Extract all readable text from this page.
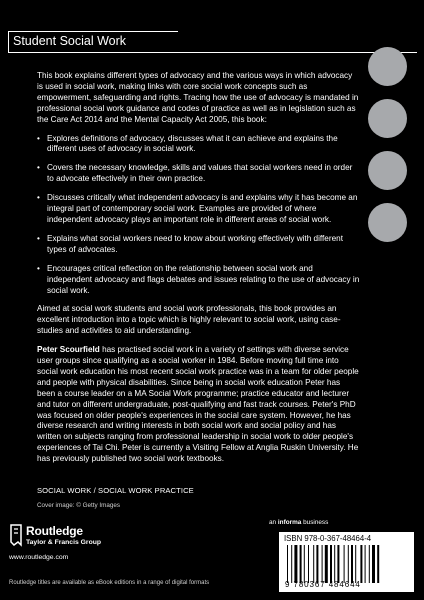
Student Social Work

This book explains different types of advocacy and the various ways in which advocacy is used in social work, making links with core social work concepts such as empowerment, safeguarding and rights. Tracing how the use of advocacy is mandated in professional social work guidance and codes of practice as well as in legislation such as the Care Act 2014 and the Mental Capacity Act 2005, this book:

• Explores definitions of advocacy, discusses what it can achieve and explains the different uses of advocacy in social work.
• Covers the necessary knowledge, skills and values that social workers need in order to advocate effectively in their own practice.
• Discusses critically what independent advocacy is and explains why it has become an integral part of contemporary social work. Examples are provided of where independent advocacy plays an important role in different areas of social work.
• Explains what social workers need to know about working effectively with different types of advocates.
• Encourages critical reflection on the relationship between social work and independent advocacy and flags debates and issues relating to the use of advocacy in social work.

Aimed at social work students and social work professionals, this book provides an excellent introduction into a topic which is highly relevant to social work, using case-studies and activities to aid understanding.

Peter Scourfield has practised social work in a variety of settings with diverse service user groups since qualifying as a social worker in 1984. Before moving full time into social work education his most recent social work practice was in a team for older people and people with physical disabilities. Since being in social work education Peter has been a course leader on a MA Social Work programme; practice educator and lecturer and tutor on different undergraduate, post-qualifying and fast track courses. Peter's PhD was focused on older people's experiences in the social care system. However, he has diverse research and writing interests in both social work and social policy and has written on subjects ranging from professional leadership in social work to older people's experiences of Tai Chi. Peter is currently a Visiting Fellow at Anglia Ruskin University. He has previously published two social work textbooks.

SOCIAL WORK / SOCIAL WORK PRACTICE
Cover image: © Getty Images
Routledge
Taylor & Francis Group
www.routledge.com
Routledge titles are available as eBook editions in a range of digital formats
an informa business
ISBN 978-0-367-48464-4
9 780367 484644
